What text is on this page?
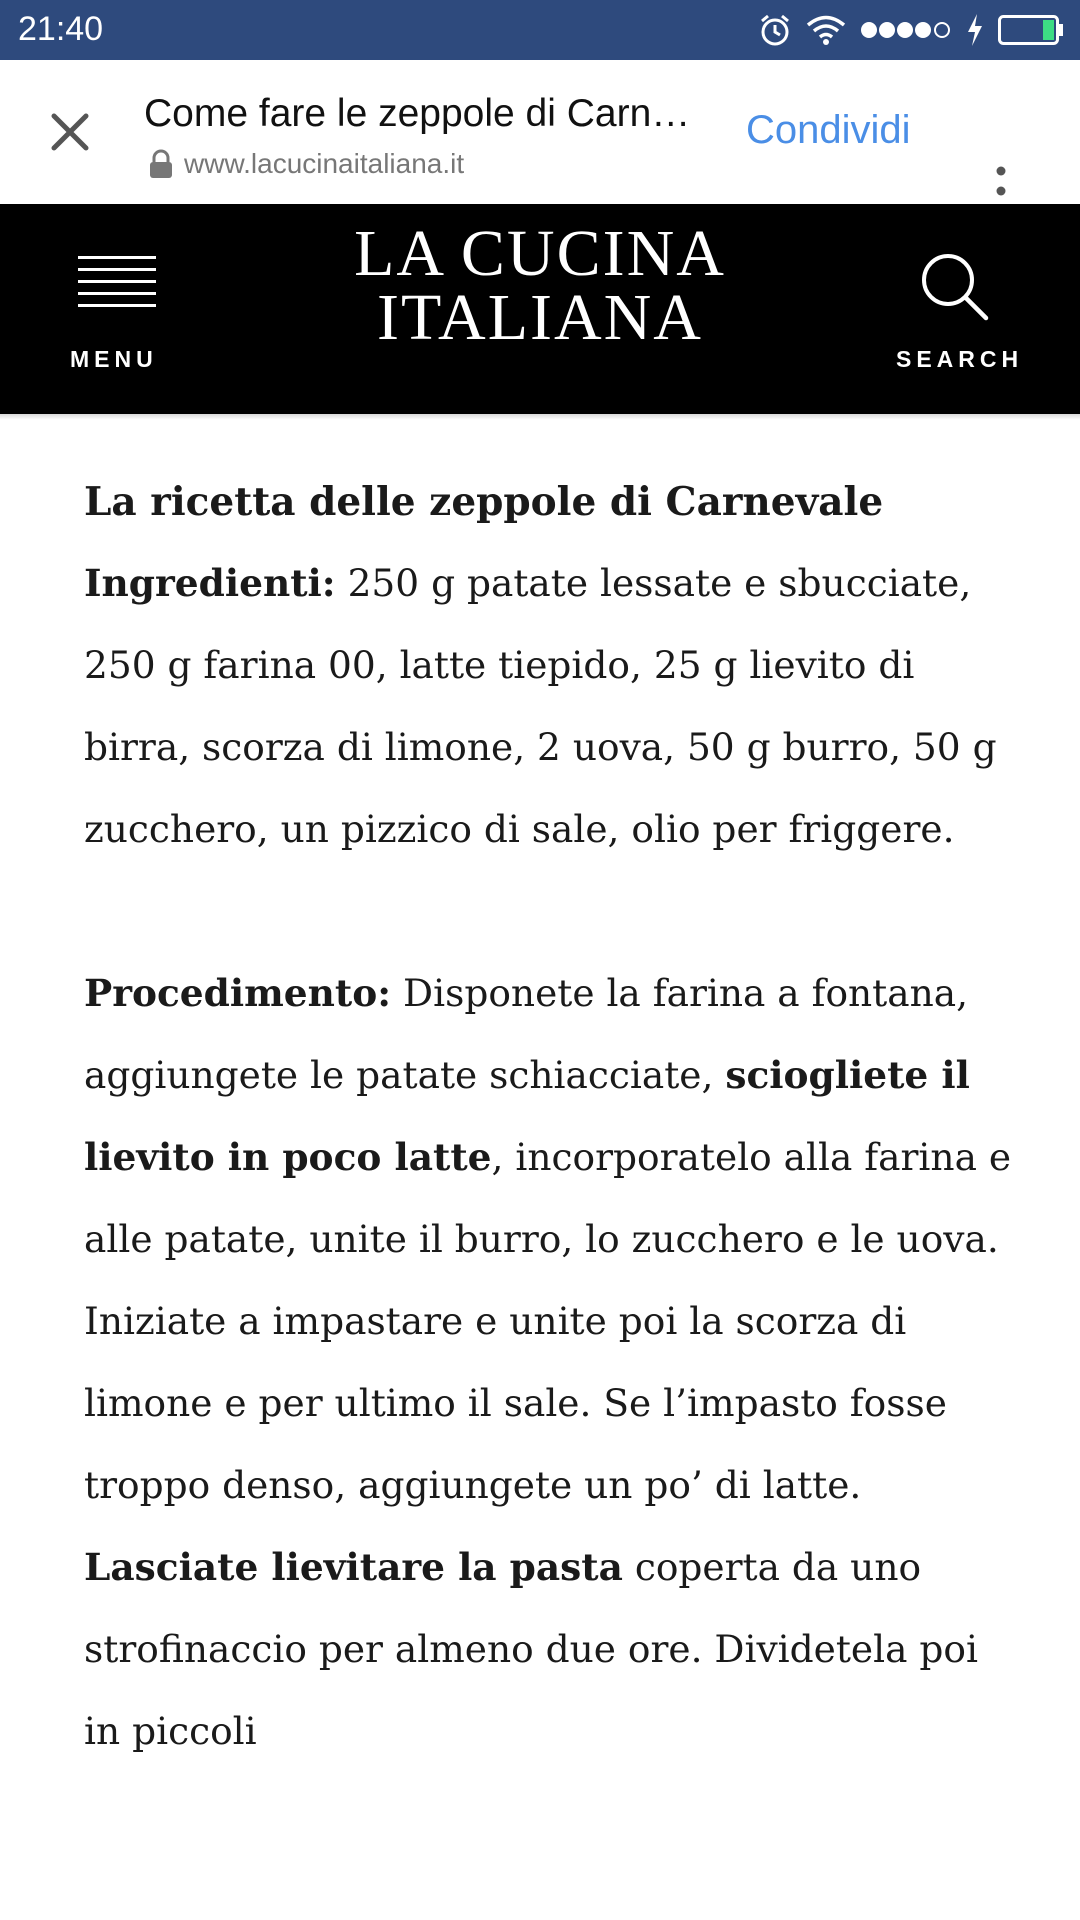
21:40
Come fare le zeppole di Carn…
www.lacucinaitaliana.it
Condividi
MENU
LA CUCINA
ITALIANA
SEARCH
La ricetta delle zeppole di Carnevale

Ingredienti: 250 g patate lessate e sbucciate, 250 g farina 00, latte tiepido, 25 g lievito di birra, scorza di limone, 2 uova, 50 g burro, 50 g zucchero, un pizzico di sale, olio per friggere.

Procedimento: Disponete la farina a fontana, aggiungete le patate schiacciate, sciogliete il lievito in poco latte, incorporatelo alla farina e alle patate, unite il burro, lo zucchero e le uova. Iniziate a impastare e unite poi la scorza di limone e per ultimo il sale. Se l’impasto fosse troppo denso, aggiungete un po’ di latte. Lasciate lievitare la pasta coperta da uno strofinaccio per almeno due ore. Dividetela poi in piccoli
